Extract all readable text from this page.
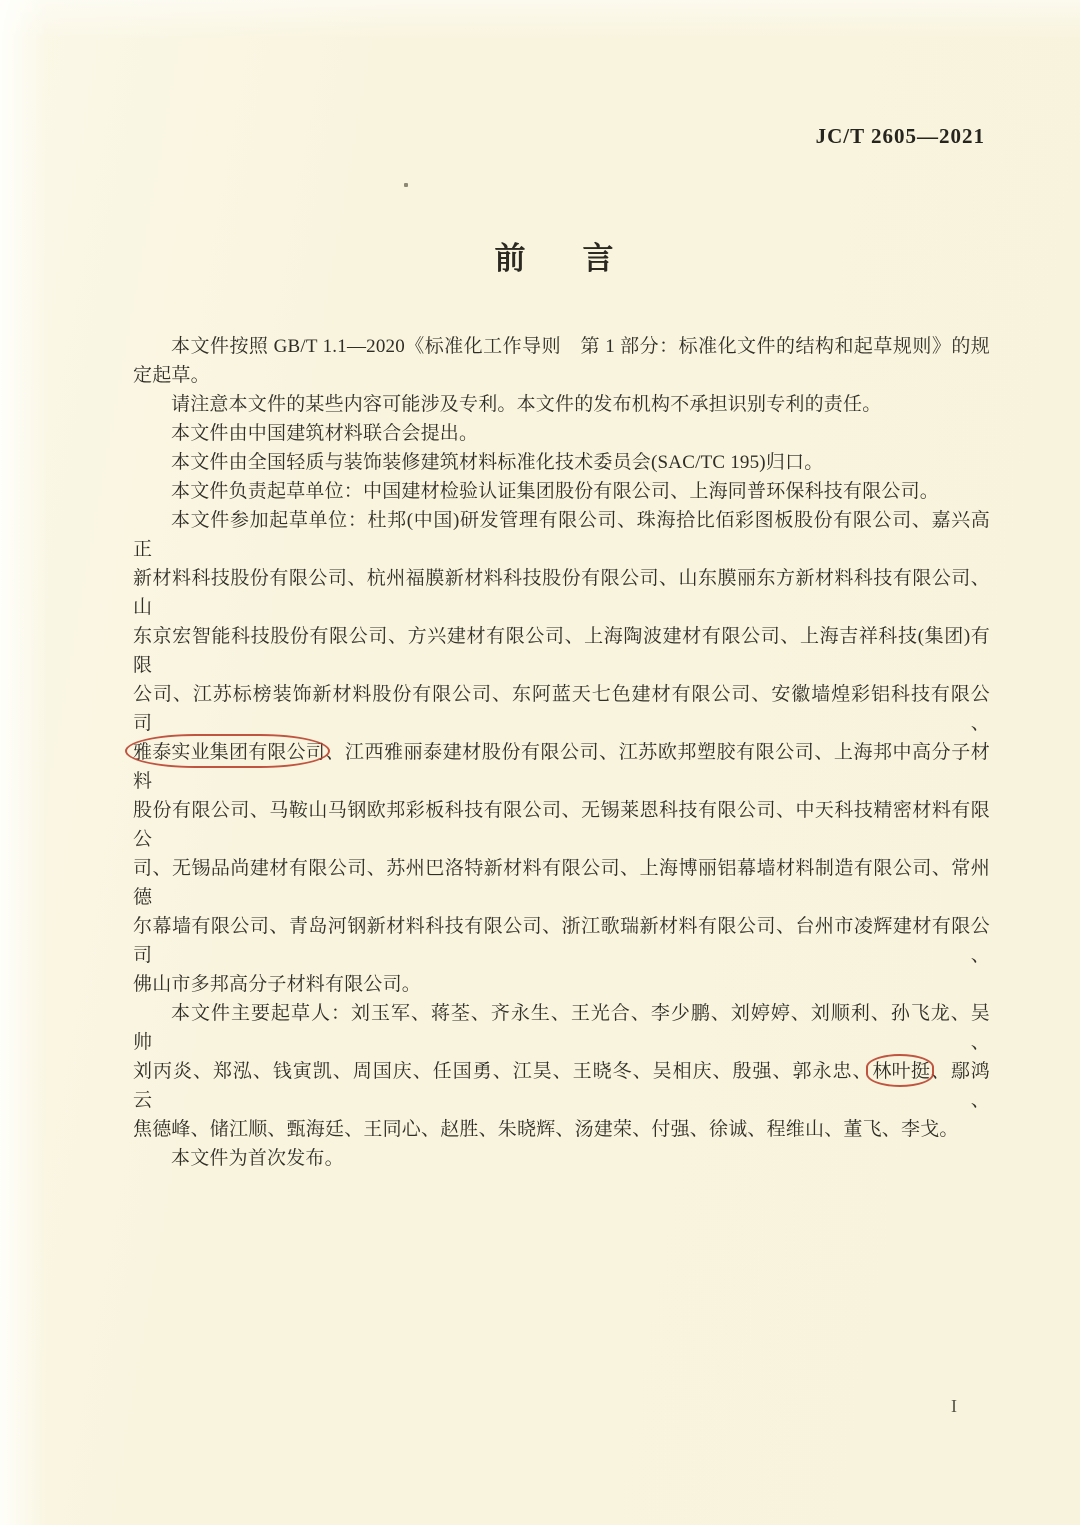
JC/T 2605—2021
前 言

本文件按照 GB/T 1.1—2020《标准化工作导则　第 1 部分：标准化文件的结构和起草规则》的规

定起草。

请注意本文件的某些内容可能涉及专利。本文件的发布机构不承担识别专利的责任。

本文件由中国建筑材料联合会提出。

本文件由全国轻质与装饰装修建筑材料标准化技术委员会(SAC/TC 195)归口。

本文件负责起草单位：中国建材检验认证集团股份有限公司、上海同普环保科技有限公司。

本文件参加起草单位：杜邦(中国)研发管理有限公司、珠海拾比佰彩图板股份有限公司、嘉兴高正

新材料科技股份有限公司、杭州福膜新材料科技股份有限公司、山东膜丽东方新材料科技有限公司、山

东京宏智能科技股份有限公司、方兴建材有限公司、上海陶波建材有限公司、上海吉祥科技(集团)有限

公司、江苏标榜装饰新材料股份有限公司、东阿蓝天七色建材有限公司、安徽墙煌彩铝科技有限公司、

雅泰实业集团有限公司、江西雅丽泰建材股份有限公司、江苏欧邦塑胶有限公司、上海邦中高分子材料

股份有限公司、马鞍山马钢欧邦彩板科技有限公司、无锡莱恩科技有限公司、中天科技精密材料有限公

司、无锡品尚建材有限公司、苏州巴洛特新材料有限公司、上海博丽铝幕墙材料制造有限公司、常州德

尔幕墙有限公司、青岛河钢新材料科技有限公司、浙江歌瑞新材料有限公司、台州市凌辉建材有限公司、

佛山市多邦高分子材料有限公司。

本文件主要起草人：刘玉军、蒋荃、齐永生、王光合、李少鹏、刘婷婷、刘顺利、孙飞龙、吴帅、

刘丙炎、郑泓、钱寅凯、周国庆、任国勇、江昊、王晓冬、吴相庆、殷强、郭永忠、林叶挺、鄢鸿云、

焦德峰、储江顺、甄海廷、王同心、赵胜、朱晓辉、汤建荣、付强、徐诚、程维山、董飞、李戈。

本文件为首次发布。

I
